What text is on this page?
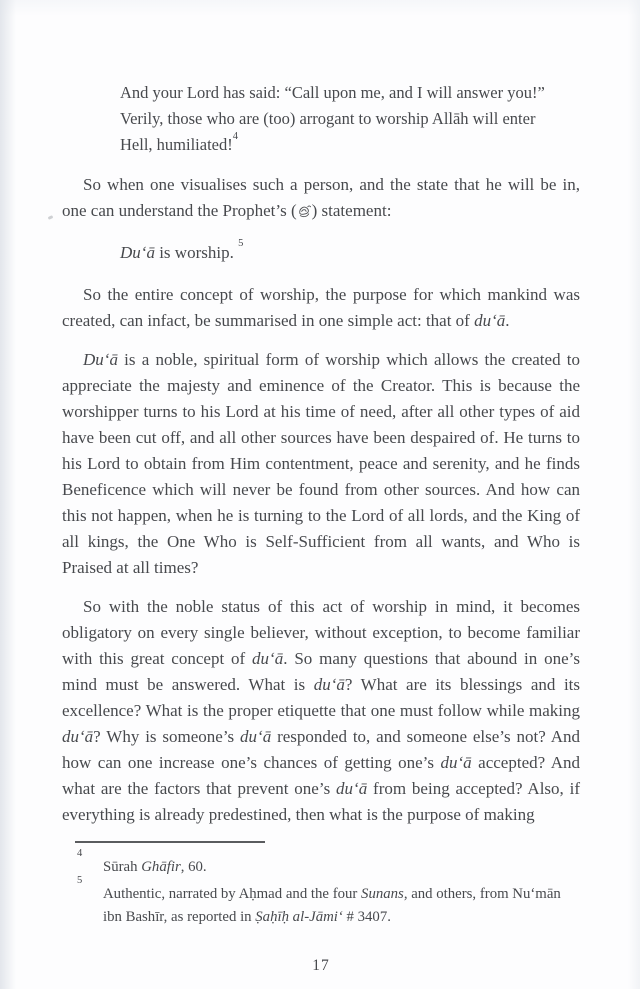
And your Lord has said: “Call upon me, and I will answer you!” Verily, those who are (too) arrogant to worship Allāh will enter Hell, humiliated!$^4$

So when one visualises such a person, and the state that he will be in, one can understand the Prophet’s ( ) statement:

Du‘ā is worship. $^5$

So the entire concept of worship, the purpose for which mankind was created, can infact, be summarised in one simple act: that of du‘ā.

Du‘ā is a noble, spiritual form of worship which allows the created to appreciate the majesty and eminence of the Creator. This is because the worshipper turns to his Lord at his time of need, after all other types of aid have been cut off, and all other sources have been despaired of. He turns to his Lord to obtain from Him contentment, peace and serenity, and he finds Beneficence which will never be found from other sources. And how can this not happen, when he is turning to the Lord of all lords, and the King of all kings, the One Who is Self-Sufficient from all wants, and Who is Praised at all times?

So with the noble status of this act of worship in mind, it becomes obligatory on every single believer, without exception, to become familiar with this great concept of du‘ā. So many questions that abound in one’s mind must be answered. What is du‘ā? What are its blessings and its excellence? What is the proper etiquette that one must follow while making du‘ā? Why is someone’s du‘ā responded to, and someone else’s not? And how can one increase one’s chances of getting one’s du‘ā accepted? And what are the factors that prevent one’s du‘ā from being accepted? Also, if everything is already predestined, then what is the purpose of making

$^4$
Sūrah Ghāfir, 60.
$^5$
Authentic, narrated by Aḥmad and the four Sunans, and others, from Nu‘mān ibn Bashīr, as reported in Ṣaḥīḥ al-Jāmi‘ # 3407.
17
